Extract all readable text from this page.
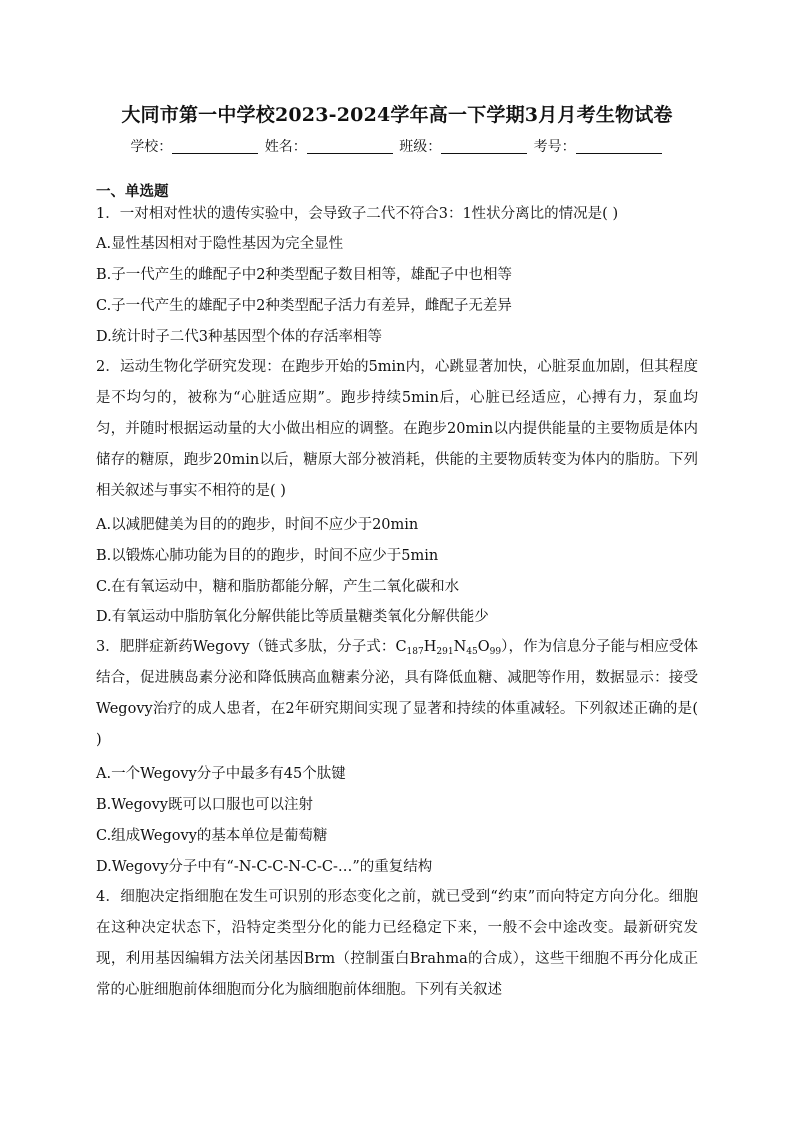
大同市第一中学校2023-2024学年高一下学期3月月考生物试卷
学校：	姓名：	班级：	考号：
一、单选题
1．一对相对性状的遗传实验中，会导致子二代不符合3：1性状分离比的情况是( )
A.显性基因相对于隐性基因为完全显性
B.子一代产生的雌配子中2种类型配子数目相等，雄配子中也相等
C.子一代产生的雄配子中2种类型配子活力有差异，雌配子无差异
D.统计时子二代3种基因型个体的存活率相等
2．运动生物化学研究发现：在跑步开始的5min内，心跳显著加快，心脏泵血加剧，但其程度是不均匀的，被称为“心脏适应期”。跑步持续5min后，心脏已经适应，心搏有力，泵血均匀，并随时根据运动量的大小做出相应的调整。在跑步20min以内提供能量的主要物质是体内储存的糖原，跑步20min以后，糖原大部分被消耗，供能的主要物质转变为体内的脂肪。下列相关叙述与事实不相符的是( )
A.以减肥健美为目的的跑步，时间不应少于20min
B.以锻炼心肺功能为目的的跑步，时间不应少于5min
C.在有氧运动中，糖和脂肪都能分解，产生二氧化碳和水
D.有氧运动中脂肪氧化分解供能比等质量糖类氧化分解供能少
3．肥胖症新药Wegovy（链式多肽，分子式：$C_{187}H_{291}N_{45}O_{99}$），作为信息分子能与相应受体结合，促进胰岛素分泌和降低胰高血糖素分泌，具有降低血糖、减肥等作用，数据显示：接受Wegovy治疗的成人患者，在2年研究期间实现了显著和持续的体重减轻。下列叙述正确的是( )
A.一个Wegovy分子中最多有45个肽键
B.Wegovy既可以口服也可以注射
C.组成Wegovy的基本单位是葡萄糖
D.Wegovy分子中有“-N-C-C-N-C-C-…”的重复结构
4．细胞决定指细胞在发生可识别的形态变化之前，就已受到“约束”而向特定方向分化。细胞在这种决定状态下，沿特定类型分化的能力已经稳定下来，一般不会中途改变。最新研究发现，利用基因编辑方法关闭基因Brm（控制蛋白Brahma的合成），这些干细胞不再分化成正常的心脏细胞前体细胞而分化为脑细胞前体细胞。下列有关叙述
